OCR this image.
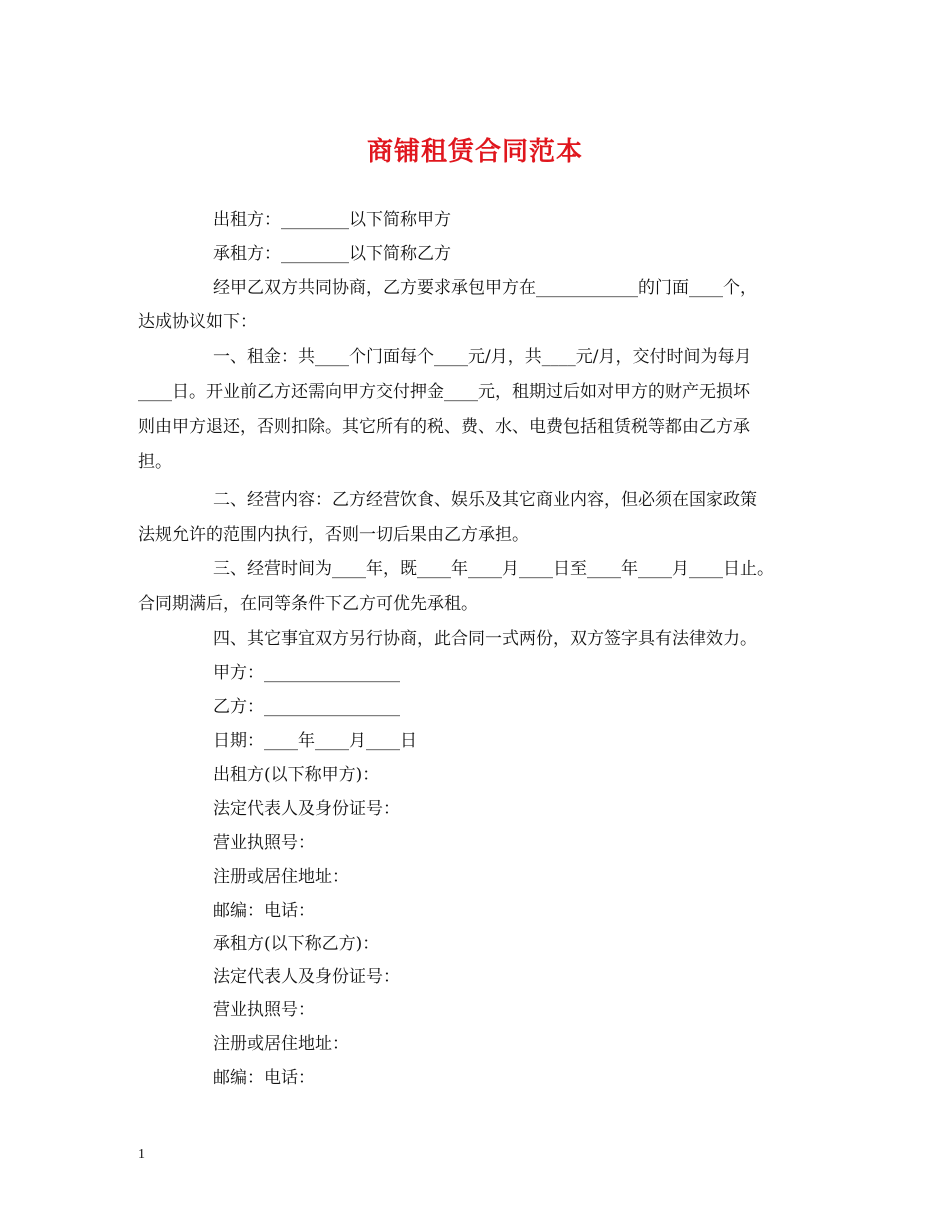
商铺租赁合同范本
出租方：________以下简称甲方
承租方：________以下简称乙方
经甲乙双方共同协商，乙方要求承包甲方在____________的门面____个，
达成协议如下：
一、租金：共____个门面每个____元/月，共____元/月，交付时间为每月
____日。开业前乙方还需向甲方交付押金____元，租期过后如对甲方的财产无损坏
则由甲方退还，否则扣除。其它所有的税、费、水、电费包括租赁税等都由乙方承
担。
二、经营内容：乙方经营饮食、娱乐及其它商业内容，但必须在国家政策
法规允许的范围内执行，否则一切后果由乙方承担。
三、经营时间为____年，既____年____月____日至____年____月____日止。
合同期满后，在同等条件下乙方可优先承租。
四、其它事宜双方另行协商，此合同一式两份，双方签字具有法律效力。
甲方：________________
乙方：________________
日期：____年____月____日
出租方(以下称甲方)：
法定代表人及身份证号：
营业执照号：
注册或居住地址：
邮编：电话：
承租方(以下称乙方)：
法定代表人及身份证号：
营业执照号：
注册或居住地址：
邮编：电话：
1
